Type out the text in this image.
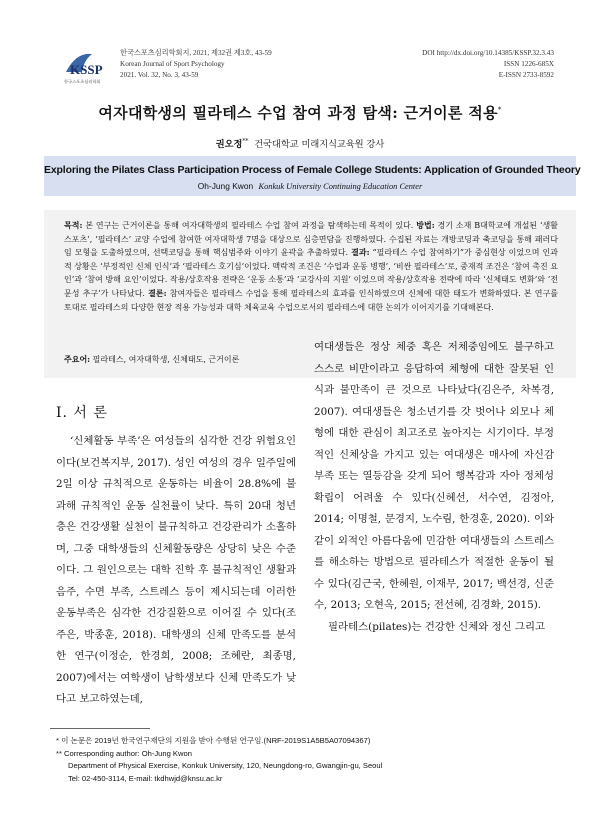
KSSP
한국스포츠심리학회
한국스포츠심리학회지, 2021, 제32권 제3호, 43-59
Korean Journal of Sport Psychology
2021. Vol. 32, No. 3, 43-59
DOI http://dx.doi.org/10.14385/KSSP.32.3.43
ISSN 1226-685X
E-ISSN 2733-8592
여자대학생의 필라테스 수업 참여 과정 탐색: 근거이론 적용*
권오정** 건국대학교 미래지식교육원 강사
Exploring the Pilates Class Participation Process of Female College Students: Application of Grounded Theory
Oh-Jung Kwon Konkuk University Continuing Education Center
목적: 본 연구는 근거이론을 통해 여자대학생의 필라테스 수업 참여 과정을 탐색하는데 목적이 있다. 방법: 경기 소재 B대학교에 개설된 ‘생활 스포츠’, ‘필라테스’ 교양 수업에 참여한 여자대학생 7명을 대상으로 심층면담을 진행하였다. 수집된 자료는 개방코딩과 축코딩을 통해 패러다임 모형을 도출하였으며, 선택코딩을 통해 핵심범주와 이야기 윤곽을 추출하였다. 결과: “필라테스 수업 참여하기”가 중심현상 이었으며 인과적 상황은 ‘부정적인 신체 인식’과 ‘필라테스 호기심’이었다. 맥락적 조건은 ‘수업과 운동 병행’, ‘비싼 필라테스’로, 중재적 조건은 ‘참여 촉진 요인’과 ‘참여 방해 요인’이었다. 작용/상호작용 전략은 ‘운동 소통’과 ‘교강사의 지원’ 이었으며 작용/상호작용 전략에 따라 ‘신체태도 변화’와 ‘전문성 추구’가 나타났다. 결론: 참여자들은 필라테스 수업을 통해 필라테스의 효과를 인식하였으며 신체에 대한 태도가 변화하였다. 본 연구를 토대로 필라테스의 다양한 현장 적용 가능성과 대학 체육교육 수업으로서의 필라테스에 대한 논의가 이어지기를 기대해본다.
주요어: 필라테스, 여자대학생, 신체태도, 근거이론
Ⅰ. 서 론

‘신체활동 부족’은 여성들의 심각한 건강 위험요인이다(보건복지부, 2017). 성인 여성의 경우 일주일에 2일 이상 규칙적으로 운동하는 비율이 28.8%에 불과해 규칙적인 운동 실천률이 낮다. 특히 20대 청년층은 건강생활 실천이 불규칙하고 건강관리가 소홀하며, 그중 대학생들의 신체활동량은 상당히 낮은 수준이다. 그 원인으로는 대학 진학 후 불규칙적인 생활과 음주, 수면 부족, 스트레스 등이 제시되는데 이러한 운동부족은 심각한 건강질환으로 이어질 수 있다(조주은, 박종훈, 2018). 대학생의 신체 만족도를 분석한 연구(이정순, 한경희, 2008; 조혜란, 최종명, 2007)에서는 여학생이 남학생보다 신체 만족도가 낮다고 보고하였는데,

여대생들은 정상 체중 혹은 저체중임에도 불구하고 스스로 비만이라고 응답하여 체형에 대한 잘못된 인식과 불만족이 큰 것으로 나타났다(김은주, 차복경, 2007). 여대생들은 청소년기를 갓 벗어나 외모나 체형에 대한 관심이 최고조로 높아지는 시기이다. 부정적인 신체상을 가지고 있는 여대생은 매사에 자신감 부족 또는 열등감을 갖게 되어 행복감과 자아 정체성 확립이 어려울 수 있다(신혜선, 서수연, 김정아, 2014; 이명철, 문경지, 노수림, 한경훈, 2020). 이와 같이 외적인 아름다움에 민감한 여대생들의 스트레스를 해소하는 방법으로 필라테스가 적절한 운동이 될 수 있다(김근국, 한혜원, 이재무, 2017; 백선경, 신준수, 2013; 오현옥, 2015; 전선혜, 김경화, 2015).

필라테스(pilates)는 건강한 신체와 정신 그리고

* 이 논문은 2019년 한국연구재단의 지원을 받아 수행된 연구임.(NRF-2019S1A5B5A07094367)
** Corresponding author: Oh-Jung Kwon
Department of Physical Exercise, Konkuk University, 120, Neungdong-ro, Gwangjin-gu, Seoul
Tel: 02-450-3114, E-mail: tkdhwjd@knsu.ac.kr
